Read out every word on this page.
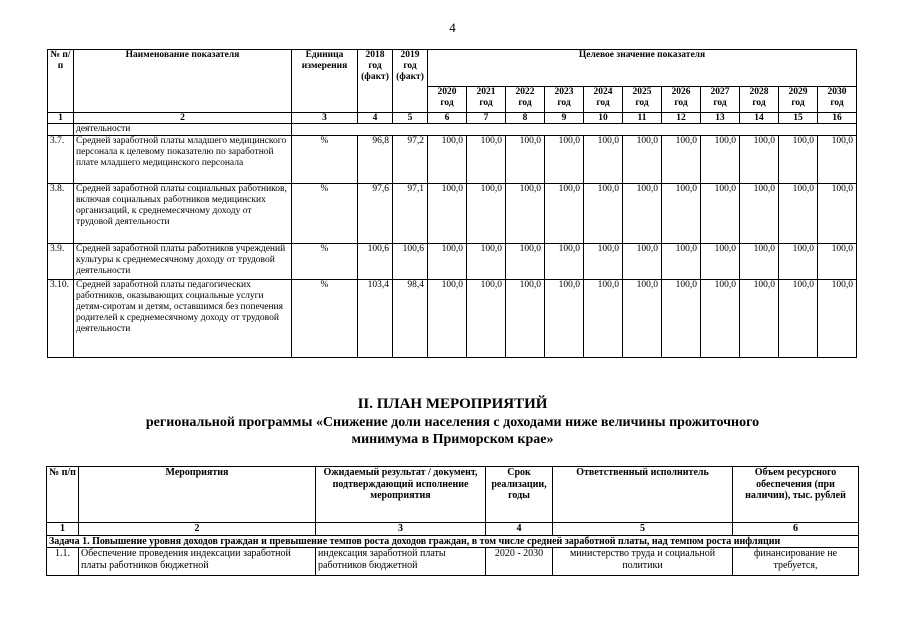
4
№ п/п	Наименование показателя	Единица измерения	2018 год (факт)	2019 год (факт)	Целевое значение показателя										
					2020 год	2021 год	2022 год	2023 год	2024 год	2025 год	2026 год	2027 год	2028 год	2029 год	2030 год
1	2	3	4	5	6	7	8	9	10	11	12	13	14	15	16
	деятельности														
3.7.	Средней заработной платы младшего медицинского персонала к целевому показателю по заработной плате младшего медицинского персонала	%	96,8	97,2	100,0	100,0	100,0	100,0	100,0	100,0	100,0	100,0	100,0	100,0	100,0
3.8.	Средней заработной платы социальных работников, включая социальных работников медицинских организаций, к среднемесячному доходу от трудовой деятельности	%	97,6	97,1	100,0	100,0	100,0	100,0	100,0	100,0	100,0	100,0	100,0	100,0	100,0
3.9.	Средней заработной платы работников учреждений культуры к среднемесячному доходу от трудовой деятельности	%	100,6	100,6	100,0	100,0	100,0	100,0	100,0	100,0	100,0	100,0	100,0	100,0	100,0
3.10.	Средней заработной платы педагогических работников, оказывающих социальные услуги детям-сиротам и детям, оставшимся без попечения родителей к среднемесячному доходу от трудовой деятельности	%	103,4	98,4	100,0	100,0	100,0	100,0	100,0	100,0	100,0	100,0	100,0	100,0	100,0
II. ПЛАН МЕРОПРИЯТИЙ
региональной программы «Снижение доли населения с доходами ниже величины прожиточного минимума в Приморском крае»
№ п/п	Мероприятия	Ожидаемый результат / документ, подтверждающий исполнение мероприятия	Срок реализации, годы	Ответственный исполнитель	Объем ресурсного обеспечения (при наличии), тыс. рублей
1	2	3	4	5	6
Задача 1. Повышение уровня доходов граждан и превышение темпов роста доходов граждан, в том числе средней заработной платы, над темпом роста инфляции					
1.1.	Обеспечение проведения индексации заработной платы работников бюджетной	индексация заработной платы работников бюджетной	2020 - 2030	министерство труда и социальной политики	финансирование не требуется,
